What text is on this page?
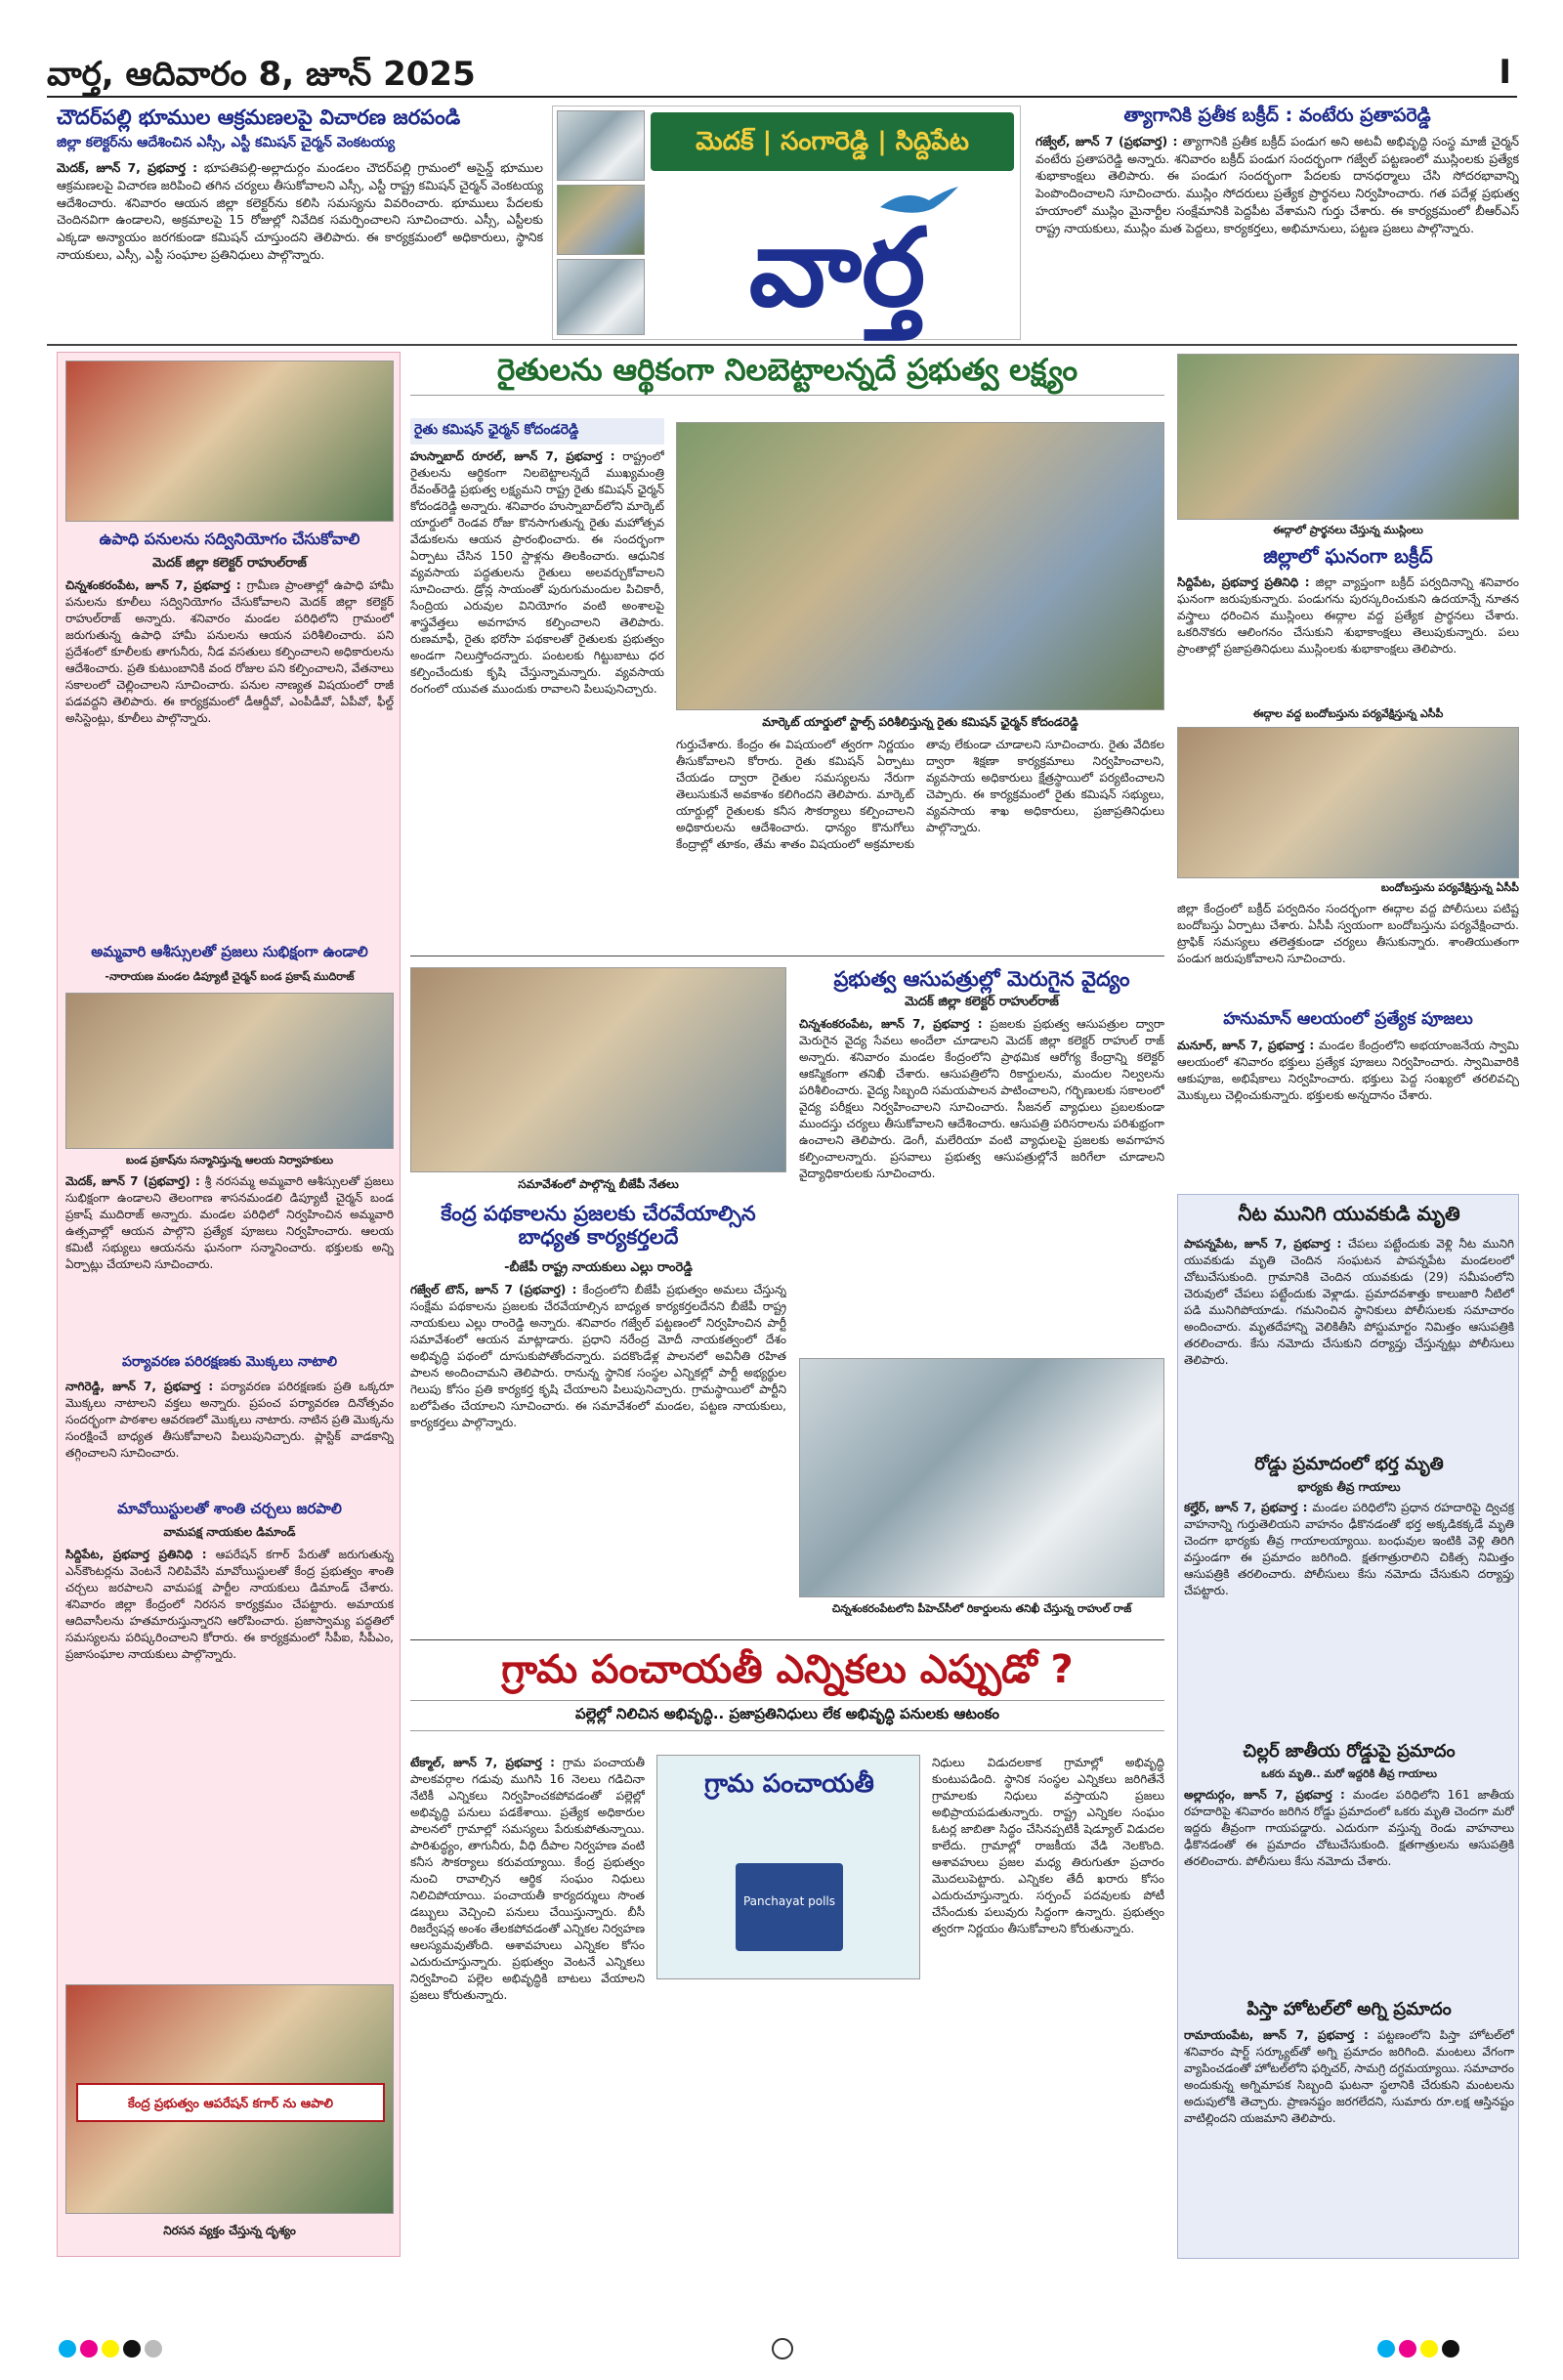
వార్త, ఆదివారం 8, జూన్ 2025	I
చౌదర్‌పల్లి భూముల ఆక్రమణలపై విచారణ జరపండి
జిల్లా కలెక్టర్‌ను ఆదేశించిన ఎస్సీ, ఎస్టీ కమిషన్ చైర్మన్ వెంకటయ్య
మెదక్, జూన్ 7, ప్రభవార్త : భూపతిపల్లి-అల్లాదుర్గం మండలం చౌదర్‌పల్లి గ్రామంలో అసైన్డ్ భూముల ఆక్రమణలపై విచారణ జరిపించి తగిన చర్యలు తీసుకోవాలని ఎస్సీ, ఎస్టీ రాష్ట్ర కమిషన్ చైర్మన్ వెంకటయ్య ఆదేశించారు. శనివారం ఆయన జిల్లా కలెక్టర్‌ను కలిసి సమస్యను వివరించారు. భూములు పేదలకు చెందినవిగా ఉండాలని, అక్రమాలపై 15 రోజుల్లో నివేదిక సమర్పించాలని సూచించారు. ఎస్సీ, ఎస్టీలకు ఎక్కడా అన్యాయం జరగకుండా కమిషన్ చూస్తుందని తెలిపారు. ఈ కార్యక్రమంలో అధికారులు, స్థానిక నాయకులు, ఎస్సీ, ఎస్టీ సంఘాల ప్రతినిధులు పాల్గొన్నారు.
మెదక్ | సంగారెడ్డి | సిద్దిపేట
వార్త
త్యాగానికి ప్రతీక బక్రీద్ : వంటేరు ప్రతాపరెడ్డి
గజ్వేల్, జూన్ 7 (ప్రభవార్త) : త్యాగానికి ప్రతీక బక్రీద్ పండుగ అని అటవీ అభివృద్ధి సంస్థ మాజీ చైర్మన్ వంటేరు ప్రతాపరెడ్డి అన్నారు. శనివారం బక్రీద్ పండుగ సందర్భంగా గజ్వేల్ పట్టణంలో ముస్లింలకు ప్రత్యేక శుభాకాంక్షలు తెలిపారు. ఈ పండుగ సందర్భంగా పేదలకు దానధర్మాలు చేసి సోదరభావాన్ని పెంపొందించాలని సూచించారు. ముస్లిం సోదరులు ప్రత్యేక ప్రార్థనలు నిర్వహించారు. గత పదేళ్ల ప్రభుత్వ హయాంలో ముస్లిం మైనార్టీల సంక్షేమానికి పెద్దపీట వేశామని గుర్తు చేశారు. ఈ కార్యక్రమంలో బీఆర్ఎస్ రాష్ట్ర నాయకులు, ముస్లిం మత పెద్దలు, కార్యకర్తలు, అభిమానులు, పట్టణ ప్రజలు పాల్గొన్నారు.
ఉపాధి పనులను సద్వినియోగం చేసుకోవాలి
మెదక్ జిల్లా కలెక్టర్ రాహుల్‌రాజ్
చిన్నశంకరంపేట, జూన్ 7, ప్రభవార్త : గ్రామీణ ప్రాంతాల్లో ఉపాధి హామీ పనులను కూలీలు సద్వినియోగం చేసుకోవాలని మెదక్ జిల్లా కలెక్టర్ రాహుల్‌రాజ్ అన్నారు. శనివారం మండల పరిధిలోని గ్రామంలో జరుగుతున్న ఉపాధి హామీ పనులను ఆయన పరిశీలించారు. పని ప్రదేశంలో కూలీలకు తాగునీరు, నీడ వసతులు కల్పించాలని అధికారులను ఆదేశించారు. ప్రతి కుటుంబానికి వంద రోజుల పని కల్పించాలని, వేతనాలు సకాలంలో చెల్లించాలని సూచించారు. పనుల నాణ్యత విషయంలో రాజీ పడవద్దని తెలిపారు. ఈ కార్యక్రమంలో డీఆర్డీవో, ఎంపీడీవో, ఏపీవో, ఫీల్డ్ అసిస్టెంట్లు, కూలీలు పాల్గొన్నారు.
అమ్మవారి ఆశీస్సులతో ప్రజలు సుభిక్షంగా ఉండాలి
-నారాయణ మండల డిప్యూటీ చైర్మన్ బండ ప్రకాష్ ముదిరాజ్
బండ ప్రకాష్‌ను సన్మానిస్తున్న ఆలయ నిర్వాహకులు
మెదక్, జూన్ 7 (ప్రభవార్త) : శ్రీ నరసమ్మ అమ్మవారి ఆశీస్సులతో ప్రజలు సుభిక్షంగా ఉండాలని తెలంగాణ శాసనమండలి డిప్యూటీ చైర్మన్ బండ ప్రకాష్ ముదిరాజ్ అన్నారు. మండల పరిధిలో నిర్వహించిన అమ్మవారి ఉత్సవాల్లో ఆయన పాల్గొని ప్రత్యేక పూజలు నిర్వహించారు. ఆలయ కమిటీ సభ్యులు ఆయనను ఘనంగా సన్మానించారు. భక్తులకు అన్ని ఏర్పాట్లు చేయాలని సూచించారు.
పర్యావరణ పరిరక్షణకు మొక్కలు నాటాలి
నాగిరెడ్డి, జూన్ 7, ప్రభవార్త : పర్యావరణ పరిరక్షణకు ప్రతి ఒక్కరూ మొక్కలు నాటాలని వక్తలు అన్నారు. ప్రపంచ పర్యావరణ దినోత్సవం సందర్భంగా పాఠశాల ఆవరణలో మొక్కలు నాటారు. నాటిన ప్రతి మొక్కను సంరక్షించే బాధ్యత తీసుకోవాలని పిలుపునిచ్చారు. ప్లాస్టిక్ వాడకాన్ని తగ్గించాలని సూచించారు.
మావోయిస్టులతో శాంతి చర్చలు జరపాలి
వామపక్ష నాయకుల డిమాండ్
సిద్దిపేట, ప్రభవార్త ప్రతినిధి : ఆపరేషన్ కగార్ పేరుతో జరుగుతున్న ఎన్‌కౌంటర్లను వెంటనే నిలిపివేసి మావోయిస్టులతో కేంద్ర ప్రభుత్వం శాంతి చర్చలు జరపాలని వామపక్ష పార్టీల నాయకులు డిమాండ్ చేశారు. శనివారం జిల్లా కేంద్రంలో నిరసన కార్యక్రమం చేపట్టారు. అమాయక ఆదివాసీలను హతమారుస్తున్నారని ఆరోపించారు. ప్రజాస్వామ్య పద్ధతిలో సమస్యలను పరిష్కరించాలని కోరారు. ఈ కార్యక్రమంలో సీపీఐ, సీపీఎం, ప్రజాసంఘాల నాయకులు పాల్గొన్నారు.
కేంద్ర ప్రభుత్వం ఆపరేషన్ కగార్ ను ఆపాలి
నిరసన వ్యక్తం చేస్తున్న దృశ్యం
రైతులను ఆర్థికంగా నిలబెట్టాలన్నదే ప్రభుత్వ లక్ష్యం
రైతు కమిషన్ ఛైర్మన్ కోదండరెడ్డి
హుస్నాబాద్ రూరల్, జూన్ 7, ప్రభవార్త : రాష్ట్రంలో రైతులను ఆర్థికంగా నిలబెట్టాలన్నదే ముఖ్యమంత్రి రేవంత్‌రెడ్డి ప్రభుత్వ లక్ష్యమని రాష్ట్ర రైతు కమిషన్ ఛైర్మన్ కోదండరెడ్డి అన్నారు. శనివారం హుస్నాబాద్‌లోని మార్కెట్ యార్డులో రెండవ రోజు కొనసాగుతున్న రైతు మహోత్సవ వేడుకలను ఆయన ప్రారంభించారు. ఈ సందర్భంగా ఏర్పాటు చేసిన 150 స్టాళ్లను తిలకించారు. ఆధునిక వ్యవసాయ పద్ధతులను రైతులు అలవర్చుకోవాలని సూచించారు. డ్రోన్ల సాయంతో పురుగుమందుల పిచికారీ, సేంద్రియ ఎరువుల వినియోగం వంటి అంశాలపై శాస్త్రవేత్తలు అవగాహన కల్పించాలని తెలిపారు. రుణమాఫీ, రైతు భరోసా పథకాలతో రైతులకు ప్రభుత్వం అండగా నిలుస్తోందన్నారు. పంటలకు గిట్టుబాటు ధర కల్పించేందుకు కృషి చేస్తున్నామన్నారు. వ్యవసాయ రంగంలో యువత ముందుకు రావాలని పిలుపునిచ్చారు.
మార్కెట్ యార్డులో స్టాల్స్ పరిశీలిస్తున్న రైతు కమిషన్ ఛైర్మన్ కోదండరెడ్డి
గుర్తుచేశారు. కేంద్రం ఈ విషయంలో త్వరగా నిర్ణయం తీసుకోవాలని కోరారు. రైతు కమిషన్ ఏర్పాటు చేయడం ద్వారా రైతుల సమస్యలను నేరుగా తెలుసుకునే అవకాశం కలిగిందని తెలిపారు. మార్కెట్ యార్డుల్లో రైతులకు కనీస సౌకర్యాలు కల్పించాలని అధికారులను ఆదేశించారు. ధాన్యం కొనుగోలు కేంద్రాల్లో తూకం, తేమ శాతం విషయంలో అక్రమాలకు తావు లేకుండా చూడాలని సూచించారు. రైతు వేదికల ద్వారా శిక్షణా కార్యక్రమాలు నిర్వహించాలని, వ్యవసాయ అధికారులు క్షేత్రస్థాయిలో పర్యటించాలని చెప్పారు. ఈ కార్యక్రమంలో రైతు కమిషన్ సభ్యులు, వ్యవసాయ శాఖ అధికారులు, ప్రజాప్రతినిధులు పాల్గొన్నారు.
సమావేశంలో పాల్గొన్న బీజేపీ నేతలు
కేంద్ర పథకాలను ప్రజలకు చేరవేయాల్సిన బాధ్యత కార్యకర్తలదే
-బీజేపీ రాష్ట్ర నాయకులు ఎల్లు రాంరెడ్డి
గజ్వేల్ టౌన్, జూన్ 7 (ప్రభవార్త) : కేంద్రంలోని బీజేపీ ప్రభుత్వం అమలు చేస్తున్న సంక్షేమ పథకాలను ప్రజలకు చేరవేయాల్సిన బాధ్యత కార్యకర్తలదేనని బీజేపీ రాష్ట్ర నాయకులు ఎల్లు రాంరెడ్డి అన్నారు. శనివారం గజ్వేల్ పట్టణంలో నిర్వహించిన పార్టీ సమావేశంలో ఆయన మాట్లాడారు. ప్రధాని నరేంద్ర మోదీ నాయకత్వంలో దేశం అభివృద్ధి పథంలో దూసుకుపోతోందన్నారు. పదకొండేళ్ల పాలనలో అవినీతి రహిత పాలన అందించామని తెలిపారు. రానున్న స్థానిక సంస్థల ఎన్నికల్లో పార్టీ అభ్యర్థుల గెలుపు కోసం ప్రతి కార్యకర్త కృషి చేయాలని పిలుపునిచ్చారు. గ్రామస్థాయిలో పార్టీని బలోపేతం చేయాలని సూచించారు. ఈ సమావేశంలో మండల, పట్టణ నాయకులు, కార్యకర్తలు పాల్గొన్నారు.
ప్రభుత్వ ఆసుపత్రుల్లో మెరుగైన వైద్యం
మెదక్ జిల్లా కలెక్టర్ రాహుల్‌రాజ్
చిన్నశంకరంపేట, జూన్ 7, ప్రభవార్త : ప్రజలకు ప్రభుత్వ ఆసుపత్రుల ద్వారా మెరుగైన వైద్య సేవలు అందేలా చూడాలని మెదక్ జిల్లా కలెక్టర్ రాహుల్ రాజ్ అన్నారు. శనివారం మండల కేంద్రంలోని ప్రాథమిక ఆరోగ్య కేంద్రాన్ని కలెక్టర్ ఆకస్మికంగా తనిఖీ చేశారు. ఆసుపత్రిలోని రికార్డులను, మందుల నిల్వలను పరిశీలించారు. వైద్య సిబ్బంది సమయపాలన పాటించాలని, గర్భిణులకు సకాలంలో వైద్య పరీక్షలు నిర్వహించాలని సూచించారు. సీజనల్ వ్యాధులు ప్రబలకుండా ముందస్తు చర్యలు తీసుకోవాలని ఆదేశించారు. ఆసుపత్రి పరిసరాలను పరిశుభ్రంగా ఉంచాలని తెలిపారు. డెంగీ, మలేరియా వంటి వ్యాధులపై ప్రజలకు అవగాహన కల్పించాలన్నారు. ప్రసవాలు ప్రభుత్వ ఆసుపత్రుల్లోనే జరిగేలా చూడాలని వైద్యాధికారులకు సూచించారు.
చిన్నశంకరంపేటలోని పీహెచ్‌సీలో రికార్డులను తనిఖీ చేస్తున్న రాహుల్ రాజ్
ఈద్గాలో ప్రార్థనలు చేస్తున్న ముస్లింలు
జిల్లాలో ఘనంగా బక్రీద్
సిద్దిపేట, ప్రభవార్త ప్రతినిధి : జిల్లా వ్యాప్తంగా బక్రీద్ పర్వదినాన్ని శనివారం ఘనంగా జరుపుకున్నారు. పండుగను పురస్కరించుకుని ఉదయాన్నే నూతన వస్త్రాలు ధరించిన ముస్లింలు ఈద్గాల వద్ద ప్రత్యేక ప్రార్థనలు చేశారు. ఒకరినొకరు ఆలింగనం చేసుకుని శుభాకాంక్షలు తెలుపుకున్నారు. పలు ప్రాంతాల్లో ప్రజాప్రతినిధులు ముస్లింలకు శుభాకాంక్షలు తెలిపారు.
ఈద్గాల వద్ద బందోబస్తును పర్యవేక్షిస్తున్న ఎసీపీ
బందోబస్తును పర్యవేక్షిస్తున్న ఏసీపీ
జిల్లా కేంద్రంలో బక్రీద్ పర్వదినం సందర్భంగా ఈద్గాల వద్ద పోలీసులు పటిష్ట బందోబస్తు ఏర్పాటు చేశారు. ఏసీపీ స్వయంగా బందోబస్తును పర్యవేక్షించారు. ట్రాఫిక్ సమస్యలు తలెత్తకుండా చర్యలు తీసుకున్నారు. శాంతియుతంగా పండుగ జరుపుకోవాలని సూచించారు.
హనుమాన్ ఆలయంలో ప్రత్యేక పూజలు
మనూర్, జూన్ 7, ప్రభవార్త : మండల కేంద్రంలోని అభయాంజనేయ స్వామి ఆలయంలో శనివారం భక్తులు ప్రత్యేక పూజలు నిర్వహించారు. స్వామివారికి ఆకుపూజ, అభిషేకాలు నిర్వహించారు. భక్తులు పెద్ద సంఖ్యలో తరలివచ్చి మొక్కులు చెల్లించుకున్నారు. భక్తులకు అన్నదానం చేశారు.
నీట మునిగి యువకుడి మృతి
పాపన్నపేట, జూన్ 7, ప్రభవార్త : చేపలు పట్టేందుకు వెళ్లి నీట మునిగి యువకుడు మృతి చెందిన సంఘటన పాపన్నపేట మండలంలో చోటుచేసుకుంది. గ్రామానికి చెందిన యువకుడు (29) సమీపంలోని చెరువులో చేపలు పట్టేందుకు వెళ్లాడు. ప్రమాదవశాత్తు కాలుజారి నీటిలో పడి మునిగిపోయాడు. గమనించిన స్థానికులు పోలీసులకు సమాచారం అందించారు. మృతదేహాన్ని వెలికితీసి పోస్టుమార్టం నిమిత్తం ఆసుపత్రికి తరలించారు. కేసు నమోదు చేసుకుని దర్యాప్తు చేస్తున్నట్లు పోలీసులు తెలిపారు.
రోడ్డు ప్రమాదంలో భర్త మృతి
భార్యకు తీవ్ర గాయాలు
కల్హేర్, జూన్ 7, ప్రభవార్త : మండల పరిధిలోని ప్రధాన రహదారిపై ద్విచక్ర వాహనాన్ని గుర్తుతెలియని వాహనం ఢీకొనడంతో భర్త అక్కడికక్కడే మృతి చెందగా భార్యకు తీవ్ర గాయాలయ్యాయి. బంధువుల ఇంటికి వెళ్లి తిరిగి వస్తుండగా ఈ ప్రమాదం జరిగింది. క్షతగాత్రురాలిని చికిత్స నిమిత్తం ఆసుపత్రికి తరలించారు. పోలీసులు కేసు నమోదు చేసుకుని దర్యాప్తు చేపట్టారు.
చిల్లర్ జాతీయ రోడ్డుపై ప్రమాదం
ఒకరు మృతి.. మరో ఇద్దరికి తీవ్ర గాయాలు
అల్లాదుర్గం, జూన్ 7, ప్రభవార్త : మండల పరిధిలోని 161 జాతీయ రహదారిపై శనివారం జరిగిన రోడ్డు ప్రమాదంలో ఒకరు మృతి చెందగా మరో ఇద్దరు తీవ్రంగా గాయపడ్డారు. ఎదురుగా వస్తున్న రెండు వాహనాలు ఢీకొనడంతో ఈ ప్రమాదం చోటుచేసుకుంది. క్షతగాత్రులను ఆసుపత్రికి తరలించారు. పోలీసులు కేసు నమోదు చేశారు.
పిస్తా హోటల్‌లో అగ్ని ప్రమాదం
రామాయంపేట, జూన్ 7, ప్రభవార్త : పట్టణంలోని పిస్తా హోటల్‌లో శనివారం షార్ట్ సర్క్యూట్‌తో అగ్ని ప్రమాదం జరిగింది. మంటలు వేగంగా వ్యాపించడంతో హోటల్‌లోని ఫర్నిచర్, సామగ్రి దగ్ధమయ్యాయి. సమాచారం అందుకున్న అగ్నిమాపక సిబ్బంది ఘటనా స్థలానికి చేరుకుని మంటలను అదుపులోకి తెచ్చారు. ప్రాణనష్టం జరగలేదని, సుమారు రూ.లక్ష ఆస్తినష్టం వాటిల్లిందని యజమాని తెలిపారు.
గ్రామ పంచాయతీ ఎన్నికలు ఎప్పుడో ?
పల్లెల్లో నిలిచిన అభివృద్ధి.. ప్రజాప్రతినిధులు లేక అభివృద్ధి పనులకు ఆటంకం
టేక్మాల్, జూన్ 7, ప్రభవార్త : గ్రామ పంచాయతీ పాలకవర్గాల గడువు ముగిసి 16 నెలలు గడిచినా నేటికీ ఎన్నికలు నిర్వహించకపోవడంతో పల్లెల్లో అభివృద్ధి పనులు పడకేశాయి. ప్రత్యేక అధికారుల పాలనలో గ్రామాల్లో సమస్యలు పేరుకుపోతున్నాయి. పారిశుద్ధ్యం, తాగునీరు, వీధి దీపాల నిర్వహణ వంటి కనీస సౌకర్యాలు కరువయ్యాయి. కేంద్ర ప్రభుత్వం నుంచి రావాల్సిన ఆర్థిక సంఘం నిధులు నిలిచిపోయాయి. పంచాయతీ కార్యదర్శులు సొంత డబ్బులు వెచ్చించి పనులు చేయిస్తున్నారు. బీసీ రిజర్వేషన్ల అంశం తేలకపోవడంతో ఎన్నికల నిర్వహణ ఆలస్యమవుతోంది. ఆశావహులు ఎన్నికల కోసం ఎదురుచూస్తున్నారు. ప్రభుత్వం వెంటనే ఎన్నికలు నిర్వహించి పల్లెల అభివృద్ధికి బాటలు వేయాలని ప్రజలు కోరుతున్నారు.
గ్రామ పంచాయతీ
Panchayat polls
నిధులు విడుదలకాక గ్రామాల్లో అభివృద్ధి కుంటుపడింది. స్థానిక సంస్థల ఎన్నికలు జరిగితేనే గ్రామాలకు నిధులు వస్తాయని ప్రజలు అభిప్రాయపడుతున్నారు. రాష్ట్ర ఎన్నికల సంఘం ఓటర్ల జాబితా సిద్ధం చేసినప్పటికీ షెడ్యూల్ విడుదల కాలేదు. గ్రామాల్లో రాజకీయ వేడి నెలకొంది. ఆశావహులు ప్రజల మధ్య తిరుగుతూ ప్రచారం మొదలుపెట్టారు. ఎన్నికల తేదీ ఖరారు కోసం ఎదురుచూస్తున్నారు. సర్పంచ్ పదవులకు పోటీ చేసేందుకు పలువురు సిద్ధంగా ఉన్నారు. ప్రభుత్వం త్వరగా నిర్ణయం తీసుకోవాలని కోరుతున్నారు.
